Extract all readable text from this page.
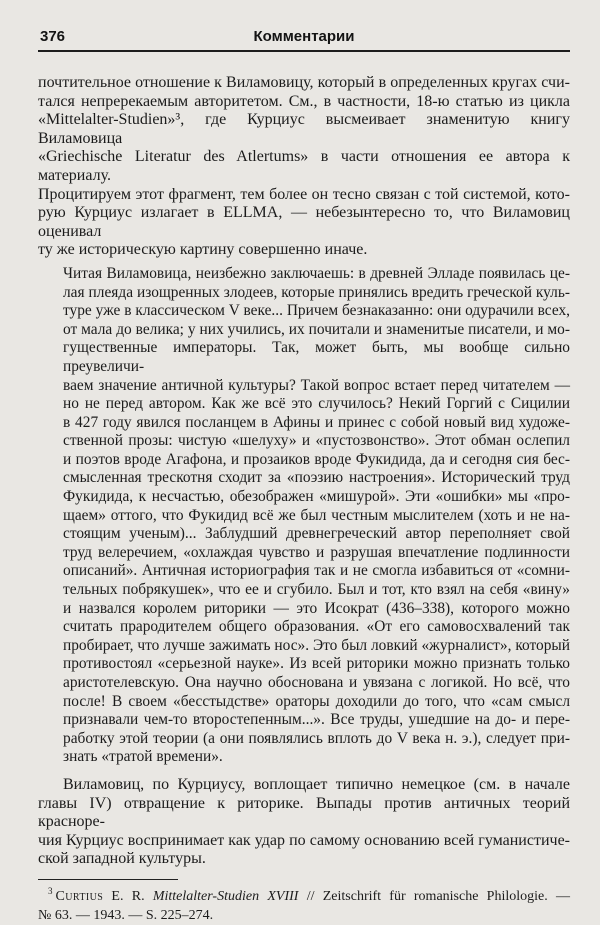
376	Комментарии
почтительное отношение к Виламовицу, который в определенных кругах счи-
тался непререкаемым авторитетом. См., в частности, 18-ю статью из цикла
«Mittelalter-Studien»³, где Курциус высмеивает знаменитую книгу Виламовица
«Griechische Literatur des Atlertums» в части отношения ее автора к материалу.
Процитируем этот фрагмент, тем более он тесно связан с той системой, кото-
рую Курциус излагает в ELLMA, — небезынтересно то, что Виламовиц оценивал
ту же историческую картину совершенно иначе.
Читая Виламовица, неизбежно заключаешь: в древней Элладе появилась це-
лая плеяда изощренных злодеев, которые принялись вредить греческой куль-
туре уже в классическом V веке... Причем безнаказанно: они одурачили всех,
от мала до велика; у них учились, их почитали и знаменитые писатели, и мо-
гущественные императоры. Так, может быть, мы вообще сильно преувеличи-
ваем значение античной культуры? Такой вопрос встает перед читателем —
но не перед автором. Как же всё это случилось? Некий Горгий с Сицилии
в 427 году явился посланцем в Афины и принес с собой новый вид художе-
ственной прозы: чистую «шелуху» и «пустозвонство». Этот обман ослепил
и поэтов вроде Агафона, и прозаиков вроде Фукидида, да и сегодня сия бес-
смысленная трескотня сходит за «поэзию настроения». Исторический труд
Фукидида, к несчастью, обезображен «мишурой». Эти «ошибки» мы «про-
щаем» оттого, что Фукидид всё же был честным мыслителем (хоть и не на-
стоящим ученым)... Заблудший древнегреческий автор переполняет свой
труд велеречием, «охлаждая чувство и разрушая впечатление подлинности
описаний». Античная историография так и не смогла избавиться от «сомни-
тельных побрякушек», что ее и сгубило. Был и тот, кто взял на себя «вину»
и назвался королем риторики — это Исократ (436–338), которого можно
считать прародителем общего образования. «От его самовосхвалений так
пробирает, что лучше зажимать нос». Это был ловкий «журналист», который
противостоял «серьезной науке». Из всей риторики можно признать только
аристотелевскую. Она научно обоснована и увязана с логикой. Но всё, что
после! В своем «бесстыдстве» ораторы доходили до того, что «сам смысл
признавали чем-то второстепенным...». Все труды, ушедшие на до- и пере-
работку этой теории (а они появлялись вплоть до V века н. э.), следует при-
знать «тратой времени».
Виламовиц, по Курциусу, воплощает типично немецкое (см. в начале
главы IV) отвращение к риторике. Выпады против античных теорий красноре-
чия Курциус воспринимает как удар по самому основанию всей гуманистиче-
ской западной культуры.
$^3$ Curtius E. R. Mittelalter-Studien XVIII // Zeitschrift für romanische Philologie. —
№ 63. — 1943. — S. 225–274.
